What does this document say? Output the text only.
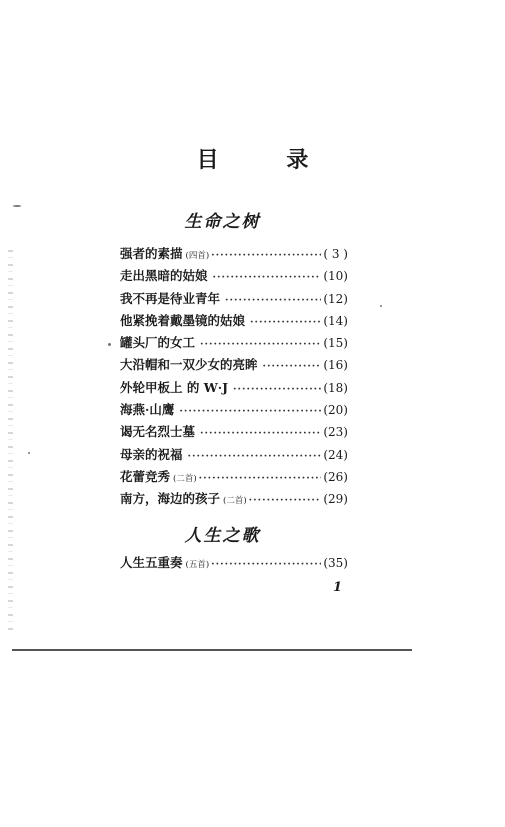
目 录
生命之树
强者的素描 (四首) ·····	( 3 )
走出黑暗的姑娘 ·····	(10)
我不再是待业青年 ·····	(12)
他紧挽着戴墨镜的姑娘 ·····	(14)
罐头厂的女工 ·····	(15)
大沿帽和一双少女的亮眸 ·····	(16)
外轮甲板上 的 W·J ·····	(18)
海燕·山鹰 ·····	(20)
谒无名烈士墓 ·····	(23)
母亲的祝福 ·····	(24)
花蕾竞秀 (二首) ·····	(26)
南方，海边的孩子 (二首) ·····	(29)
人生之歌
人生五重奏 (五首) ·····	(35)
1
